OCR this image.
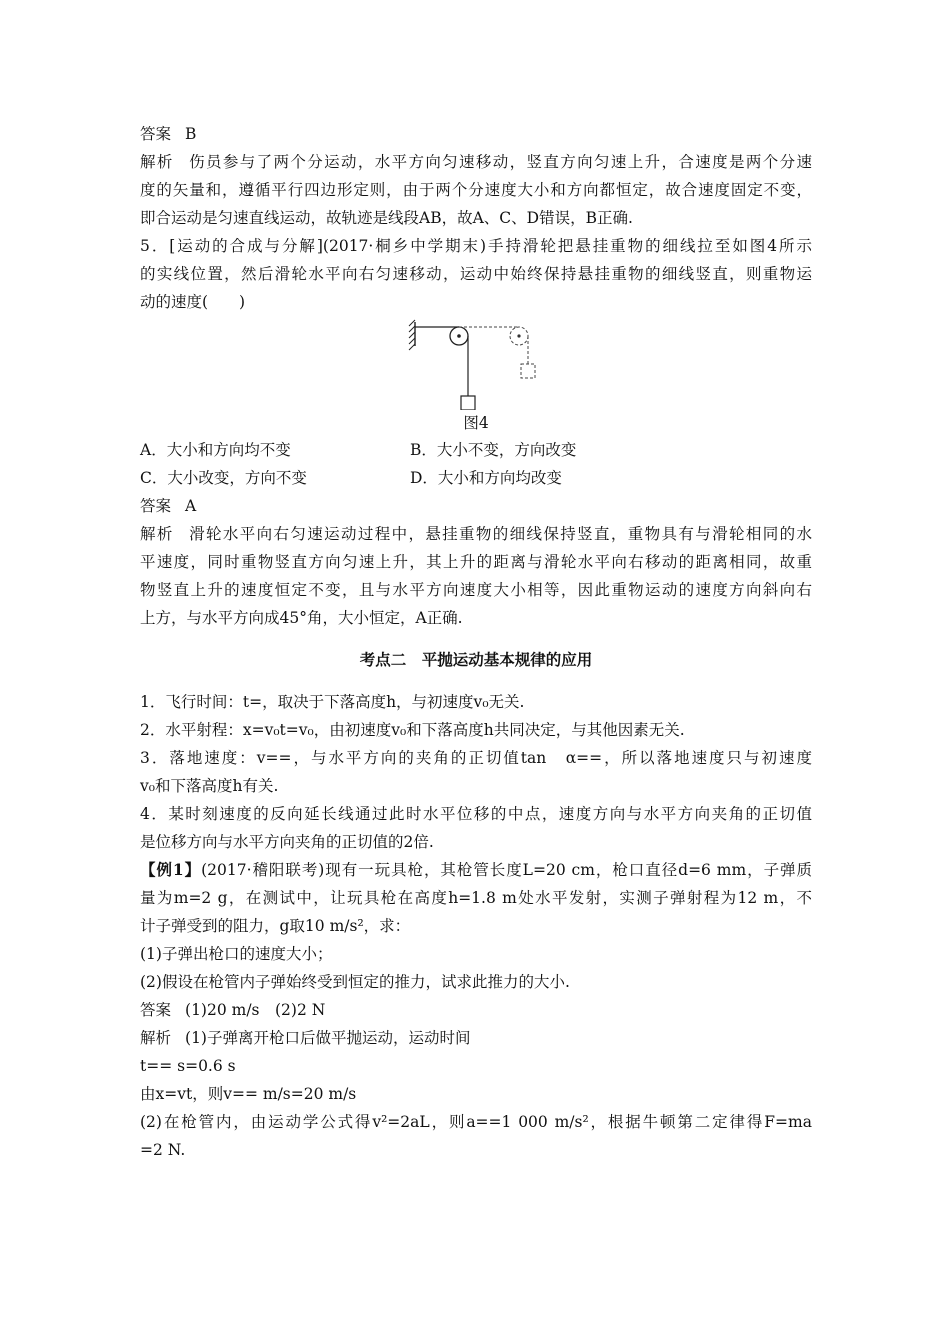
答案 B
解析 伤员参与了两个分运动，水平方向匀速移动，竖直方向匀速上升，合速度是两个分速
度的矢量和，遵循平行四边形定则，由于两个分速度大小和方向都恒定，故合速度固定不变，
即合运动是匀速直线运动，故轨迹是线段AB，故A、C、D错误，B正确.
5．[运动的合成与分解](2017·桐乡中学期末)手持滑轮把悬挂重物的细线拉至如图4所示
的实线位置，然后滑轮水平向右匀速移动，运动中始终保持悬挂重物的细线竖直，则重物运
动的速度(　　)
图4
A．大小和方向均不变	B．大小不变，方向改变
C．大小改变，方向不变	D．大小和方向均改变
答案 A
解析 滑轮水平向右匀速运动过程中，悬挂重物的细线保持竖直，重物具有与滑轮相同的水
平速度，同时重物竖直方向匀速上升，其上升的距离与滑轮水平向右移动的距离相同，故重
物竖直上升的速度恒定不变，且与水平方向速度大小相等，因此重物运动的速度方向斜向右
上方，与水平方向成45°角，大小恒定，A正确.
考点二　平抛运动基本规律的应用
1．飞行时间：t=，取决于下落高度h，与初速度v₀无关.
2．水平射程：x=v₀t=v₀，由初速度v₀和下落高度h共同决定，与其他因素无关.
3．落地速度：v==，与水平方向的夹角的正切值tan　α==，所以落地速度只与初速度
v₀和下落高度h有关.
4．某时刻速度的反向延长线通过此时水平位移的中点，速度方向与水平方向夹角的正切值
是位移方向与水平方向夹角的正切值的2倍.
【例1】(2017·稽阳联考)现有一玩具枪，其枪管长度L=20 cm，枪口直径d=6 mm，子弹质
量为m=2 g，在测试中，让玩具枪在高度h=1.8 m处水平发射，实测子弹射程为12 m，不
计子弹受到的阻力，g取10 m/s²，求：
(1)子弹出枪口的速度大小；
(2)假设在枪管内子弹始终受到恒定的推力，试求此推力的大小.
答案 (1)20 m/s　(2)2 N
解析 (1)子弹离开枪口后做平抛运动，运动时间
t== s=0.6 s
由x=vt，则v== m/s=20 m/s
(2)在枪管内，由运动学公式得v²=2aL，则a==1 000 m/s²，根据牛顿第二定律得F=ma
=2 N.
